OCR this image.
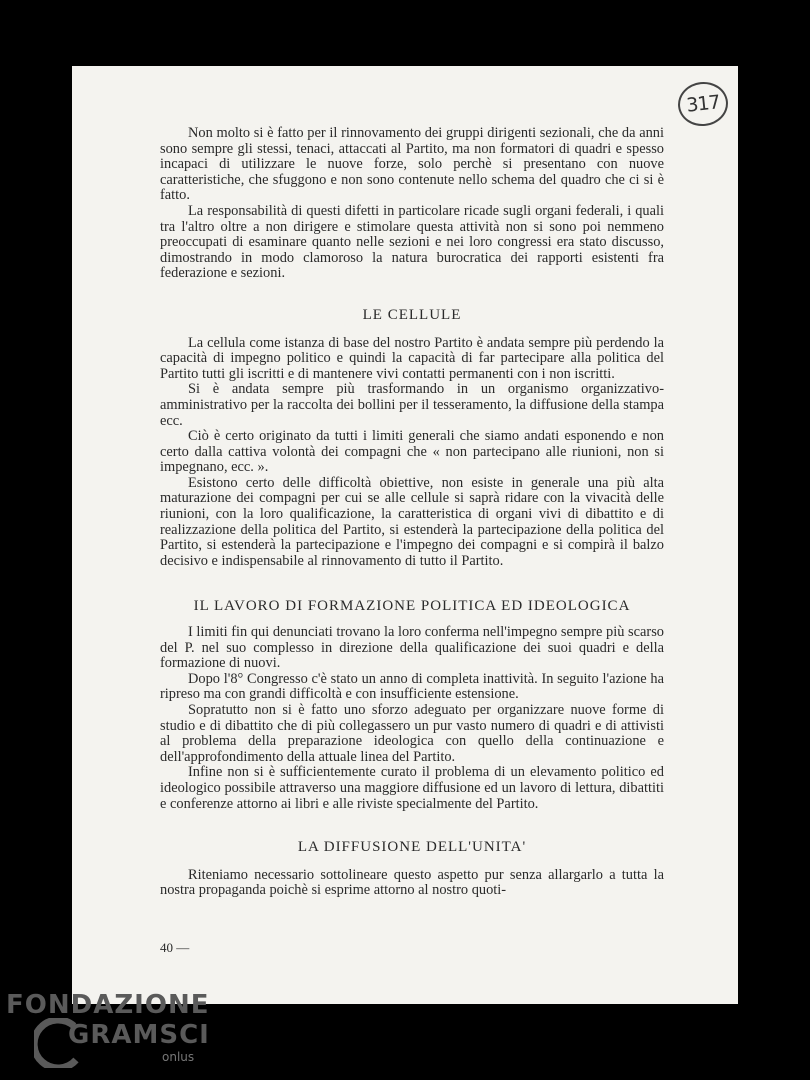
317

Non molto si è fatto per il rinnovamento dei gruppi dirigenti sezionali, che da anni sono sempre gli stessi, tenaci, attaccati al Partito, ma non formatori di quadri e spesso incapaci di utilizzare le nuove forze, solo perchè si presentano con nuove caratteristiche, che sfuggono e non sono contenute nello schema del quadro che ci si è fatto.

La responsabilità di questi difetti in particolare ricade sugli organi federali, i quali tra l'altro oltre a non dirigere e stimolare questa attività non si sono poi nemmeno preoccupati di esaminare quanto nelle sezioni e nei loro congressi era stato discusso, dimostrando in modo clamoroso la natura burocratica dei rapporti esistenti fra federazione e sezioni.

LE CELLULE

La cellula come istanza di base del nostro Partito è andata sempre più perdendo la capacità di impegno politico e quindi la capacità di far partecipare alla politica del Partito tutti gli iscritti e di mantenere vivi contatti permanenti con i non iscritti.

Si è andata sempre più trasformando in un organismo organizzativo-amministrativo per la raccolta dei bollini per il tesseramento, la diffusione della stampa ecc.

Ciò è certo originato da tutti i limiti generali che siamo andati esponendo e non certo dalla cattiva volontà dei compagni che « non partecipano alle riunioni, non si impegnano, ecc. ».

Esistono certo delle difficoltà obiettive, non esiste in generale una più alta maturazione dei compagni per cui se alle cellule si saprà ridare con la vivacità delle riunioni, con la loro qualificazione, la caratteristica di organi vivi di dibattito e di realizzazione della politica del Partito, si estenderà la partecipazione della politica del Partito, si estenderà la partecipazione e l'impegno dei compagni e si compirà il balzo decisivo e indispensabile al rinnovamento di tutto il Partito.

IL LAVORO DI FORMAZIONE POLITICA ED IDEOLOGICA

I limiti fin qui denunciati trovano la loro conferma nell'impegno sempre più scarso del P. nel suo complesso in direzione della qualificazione dei suoi quadri e della formazione di nuovi.

Dopo l'8° Congresso c'è stato un anno di completa inattività. In seguito l'azione ha ripreso ma con grandi difficoltà e con insufficiente estensione.

Sopratutto non si è fatto uno sforzo adeguato per organizzare nuove forme di studio e di dibattito che di più collegassero un pur vasto numero di quadri e di attivisti al problema della preparazione ideologica con quello della continuazione e dell'approfondimento della attuale linea del Partito.

Infine non si è sufficientemente curato il problema di un elevamento politico ed ideologico possibile attraverso una maggiore diffusione ed un lavoro di lettura, dibattiti e conferenze attorno ai libri e alle riviste specialmente del Partito.

LA DIFFUSIONE DELL'UNITA'

Riteniamo necessario sottolineare questo aspetto pur senza allargarlo a tutta la nostra propaganda poichè si esprime attorno al nostro quoti-

40 —
FONDAZIONE
GRAMSCI
onlus
